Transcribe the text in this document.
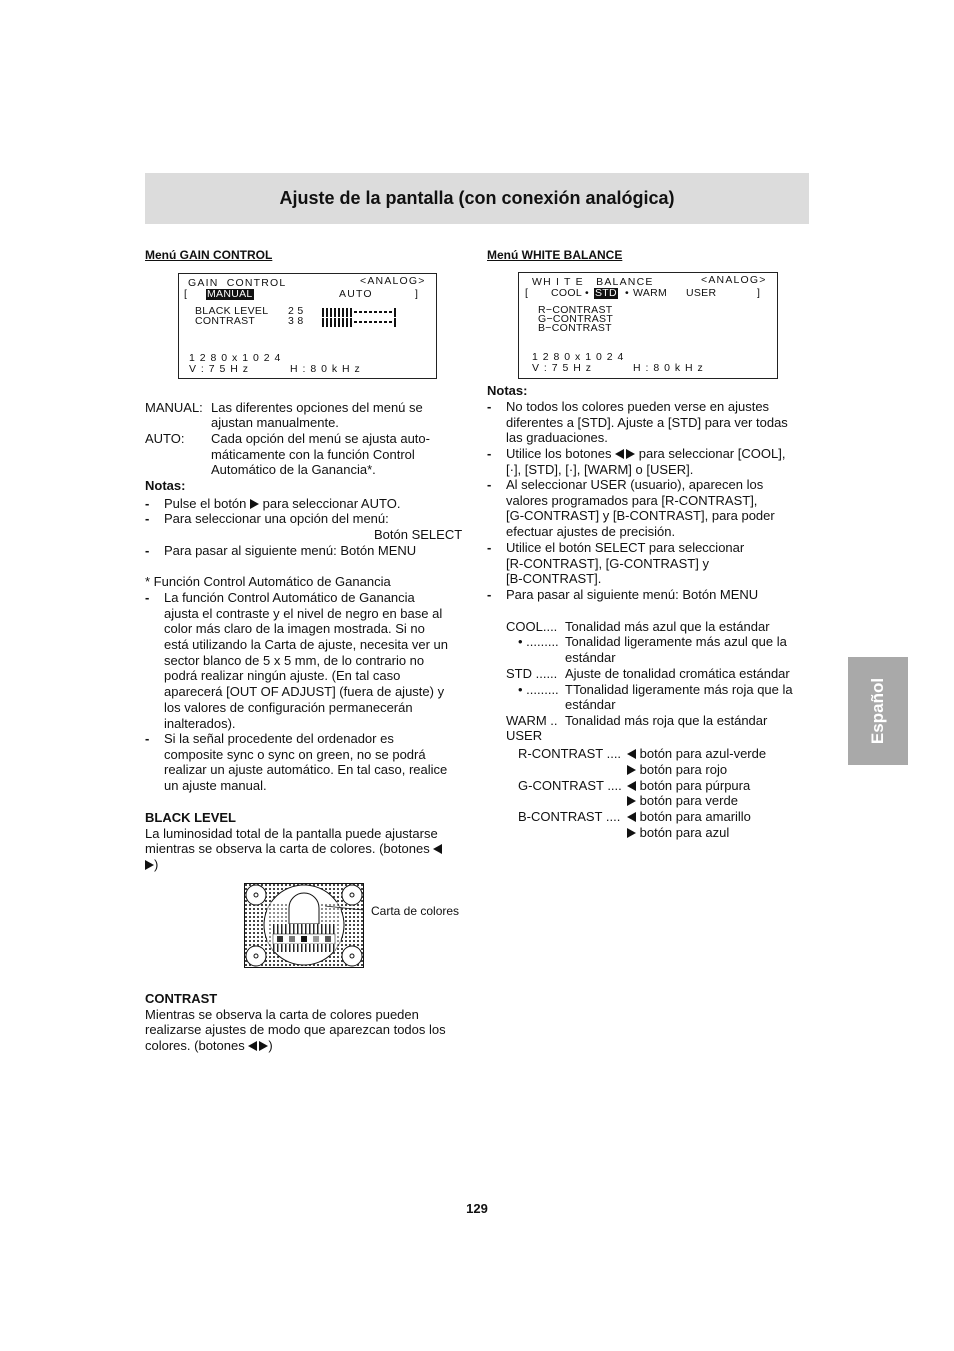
Ajuste de la pantalla (con conexión analógica)
Español

Menú GAIN CONTROL

GAIN  CONTROL	<ANALOG>
[ MANUAL	AUTO	]
BLACK LEVEL 2 5
CONTRAST	3 8
1 2 8 0 x 1 0 2 4
V : 7 5 H z	H : 8 0 k H z
MANUAL: Las diferentes opciones del menú se
ajustan manualmente.
AUTO: Cada opción del menú se ajusta auto-
máticamente con la función Control
Automático de la Ganancia*.
Notas:
- Pulse el botón para seleccionar AUTO.
- Para seleccionar una opción del menú:
Botón SELECT
- Para pasar al siguiente menú: Botón MENU
* Función Control Automático de Ganancia
- La función Control Automático de Ganancia
ajusta el contraste y el nivel de negro en base al
color más claro de la imagen mostrada. Si no
está utilizando la Carta de ajuste, necesita ver un
sector blanco de 5 x 5 mm, de lo contrario no
podrá realizar ningún ajuste. (En tal caso
aparecerá [OUT OF ADJUST] (fuera de ajuste) y
los valores de configuración permanecerán
inalterados).
- Si la señal procedente del ordenador es
composite sync o sync on green, no se podrá
realizar un ajuste automático. En tal caso, realice
un ajuste manual.
BLACK LEVEL
La luminosidad total de la pantalla puede ajustarse
mientras se observa la carta de colores. (botones
)
Carta de colores
CONTRAST
Mientras se observa la carta de colores pueden
realizarse ajustes de modo que aparezcan todos los
colores. (botones )

Menú WHITE BALANCE

WH I T E   BALANCE	<ANALOG>
[ COOL • STD • WARM USER	]
R−CONTRAST
G−CONTRAST
B−CONTRAST
1 2 8 0 x 1 0 2 4
V : 7 5 H z	H : 8 0 k H z
Notas:
- No todos los colores pueden verse en ajustes
diferentes a [STD]. Ajuste a [STD] para ver todas
las graduaciones.
- Utilice los botones para seleccionar [COOL],
[·], [STD], [·], [WARM] o [USER].
- Al seleccionar USER (usuario), aparecen los
valores programados para [R-CONTRAST],
[G-CONTRAST] y [B-CONTRAST], para poder
efectuar ajustes de precisión.
- Utilice el botón SELECT para seleccionar
[R-CONTRAST], [G-CONTRAST] y
[B-CONTRAST].
- Para pasar al siguiente menú: Botón MENU
COOL.... Tonalidad más azul que la estándar
• ......... Tonalidad ligeramente más azul que la
estándar
STD ...... Ajuste de tonalidad cromática estándar
• ......... TTonalidad ligeramente más roja que la
estándar
WARM .. Tonalidad más roja que la estándar
USER
R-CONTRAST ....	botón para azul-verde
botón para rojo
G-CONTRAST ....	botón para púrpura
botón para verde
B-CONTRAST ....	botón para amarillo
botón para azul
129
